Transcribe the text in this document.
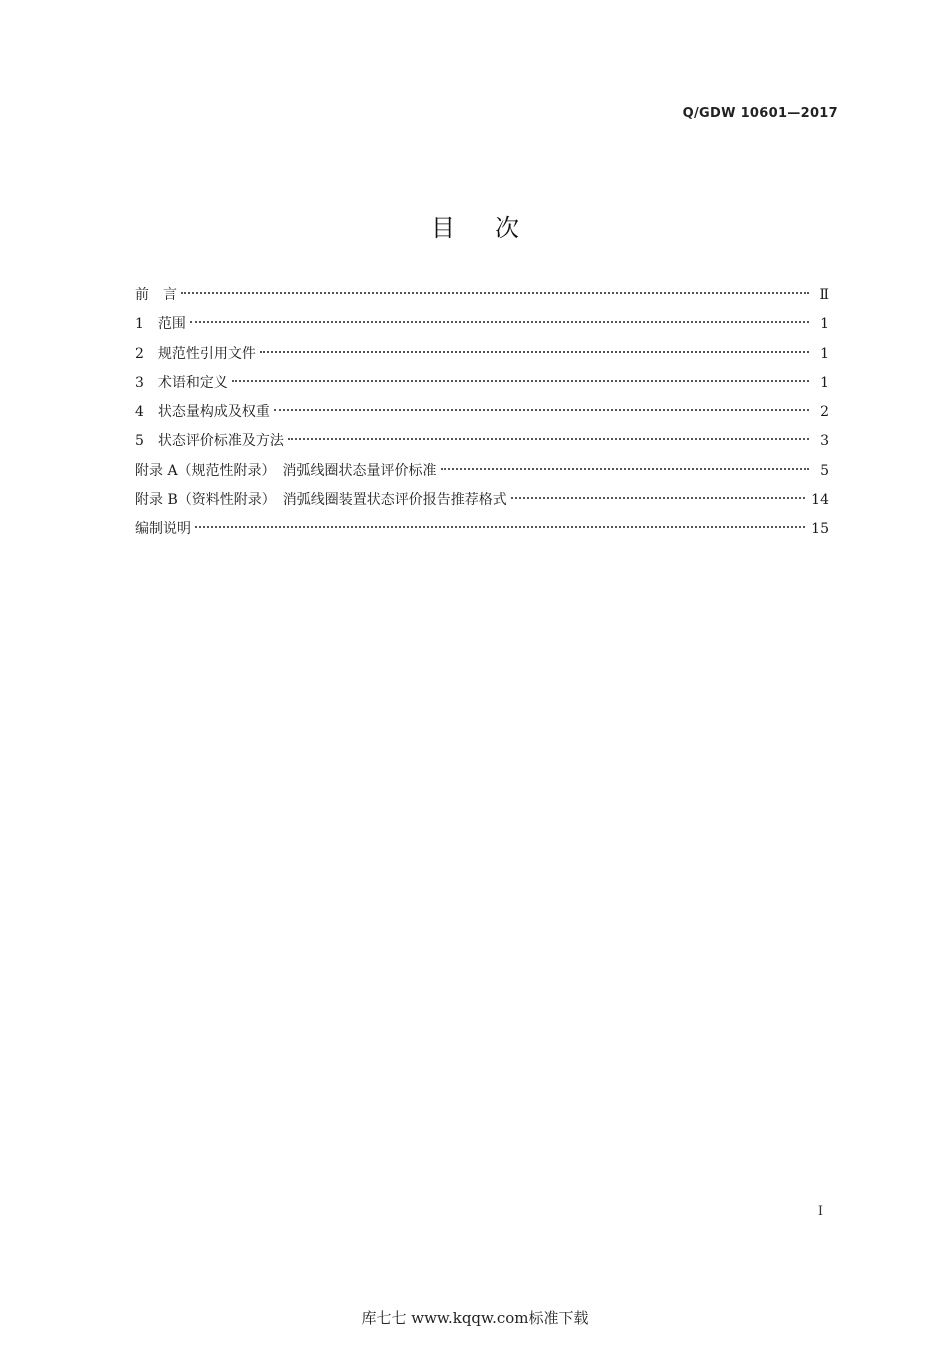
Q/GDW 10601—2017
目次
前　言	Ⅱ
1　范围	1
2　规范性引用文件	1
3　术语和定义	1
4　状态量构成及权重	2
5　状态评价标准及方法	3
附录 A（规范性附录）　消弧线圈状态量评价标准	5
附录 B（资料性附录）　消弧线圈装置状态评价报告推荐格式	14
编制说明	15
I
库七七 www.kqqw.com标准下载
